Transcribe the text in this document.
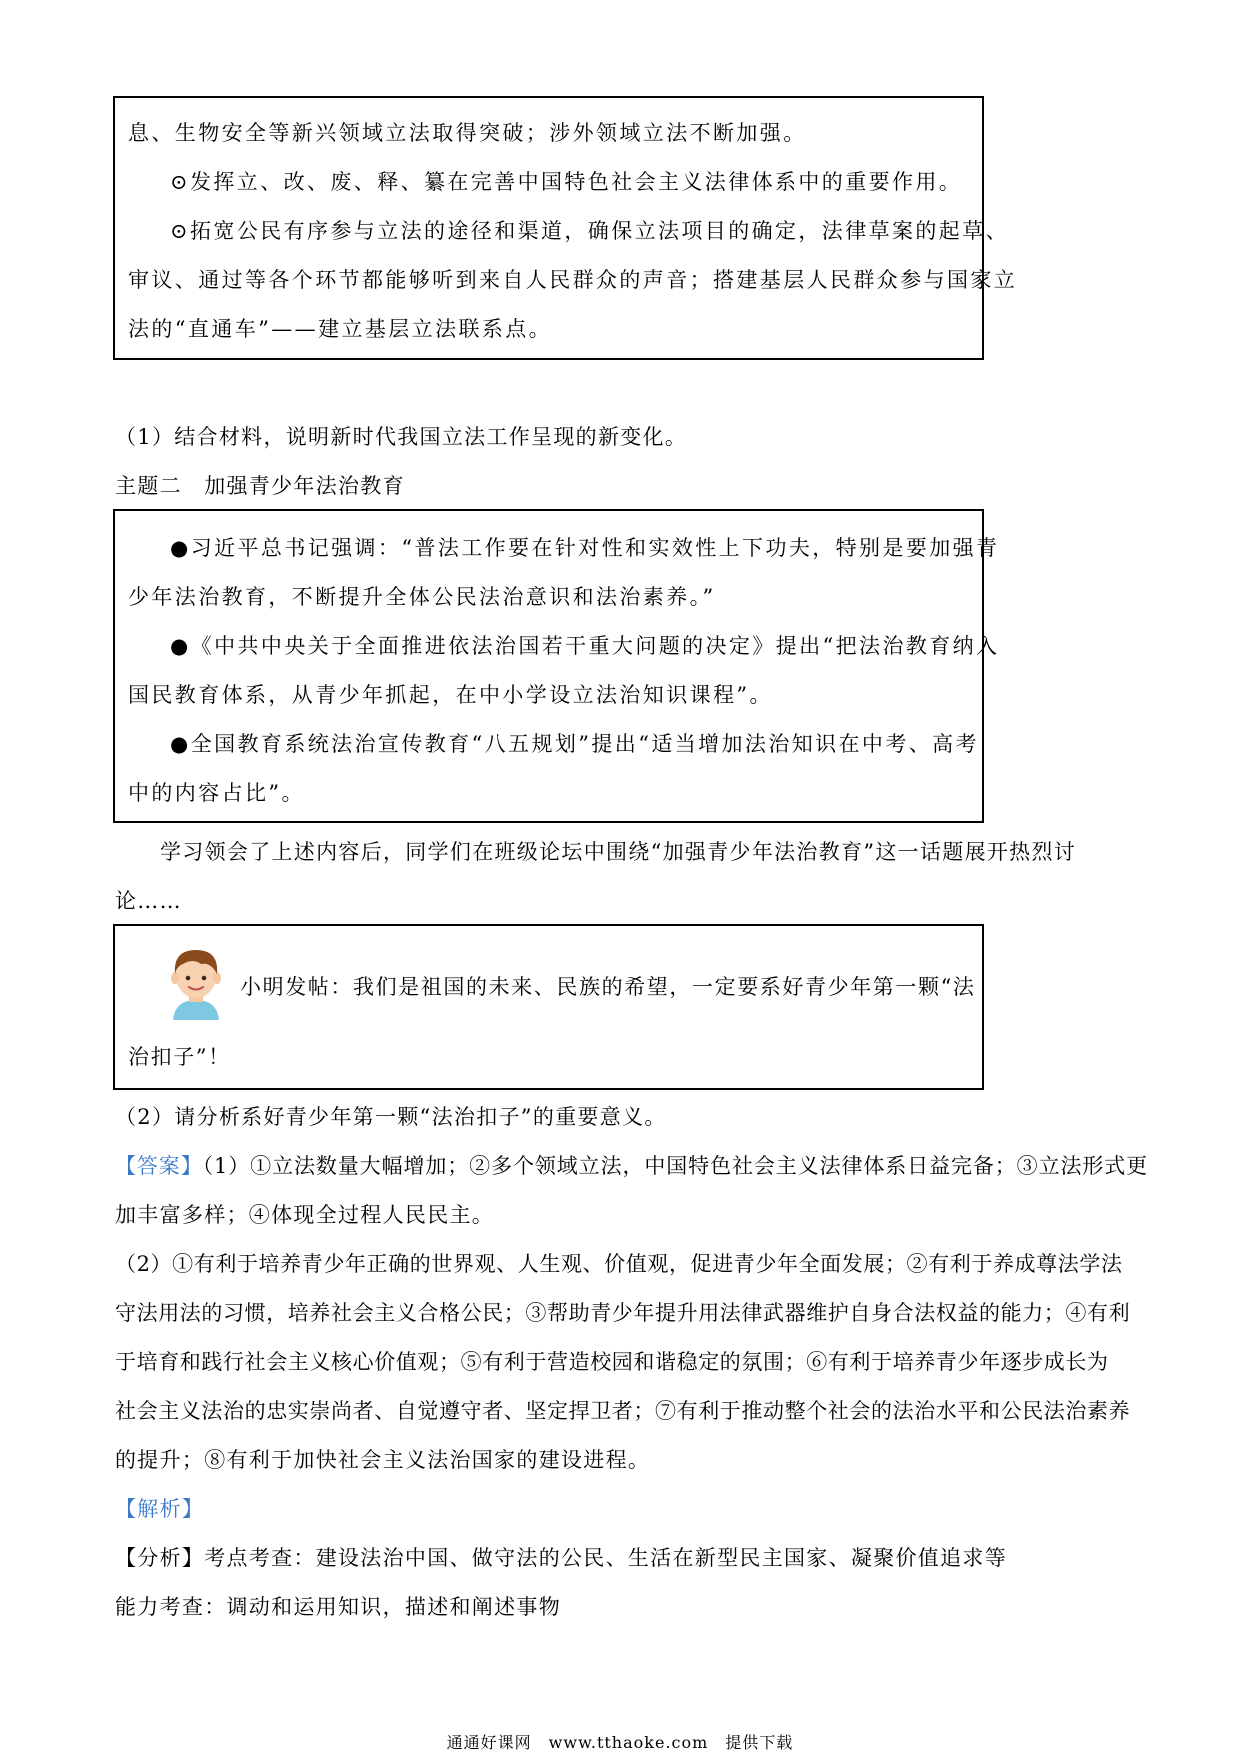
息、生物安全等新兴领域立法取得突破；涉外领域立法不断加强。
⊙发挥立、改、废、释、纂在完善中国特色社会主义法律体系中的重要作用。
⊙拓宽公民有序参与立法的途径和渠道，确保立法项目的确定，法律草案的起草、
审议、通过等各个环节都能够听到来自人民群众的声音；搭建基层人民群众参与国家立
法的“直通车”——建立基层立法联系点。
（1）结合材料，说明新时代我国立法工作呈现的新变化。
主题二　加强青少年法治教育
●习近平总书记强调：“普法工作要在针对性和实效性上下功夫，特别是要加强青
少年法治教育，不断提升全体公民法治意识和法治素养。”
●《中共中央关于全面推进依法治国若干重大问题的决定》提出“把法治教育纳入
国民教育体系，从青少年抓起，在中小学设立法治知识课程”。
●全国教育系统法治宣传教育“八五规划”提出“适当增加法治知识在中考、高考
中的内容占比”。
学习领会了上述内容后，同学们在班级论坛中围绕“加强青少年法治教育”这一话题展开热烈讨
论……
小明发帖：我们是祖国的未来、民族的希望，一定要系好青少年第一颗“法
治扣子”！
（2）请分析系好青少年第一颗“法治扣子”的重要意义。
【答案】（1）①立法数量大幅增加；②多个领域立法，中国特色社会主义法律体系日益完备；③立法形式更
加丰富多样；④体现全过程人民民主。
（2）①有利于培养青少年正确的世界观、人生观、价值观，促进青少年全面发展；②有利于养成尊法学法
守法用法的习惯，培养社会主义合格公民；③帮助青少年提升用法律武器维护自身合法权益的能力；④有利
于培育和践行社会主义核心价值观；⑤有利于营造校园和谐稳定的氛围；⑥有利于培养青少年逐步成长为
社会主义法治的忠实崇尚者、自觉遵守者、坚定捍卫者；⑦有利于推动整个社会的法治水平和公民法治素养
的提升；⑧有利于加快社会主义法治国家的建设进程。
【解析】
【分析】考点考查：建设法治中国、做守法的公民、生活在新型民主国家、凝聚价值追求等
能力考查：调动和运用知识，描述和阐述事物
通通好课网　www.tthaoke.com　提供下载
